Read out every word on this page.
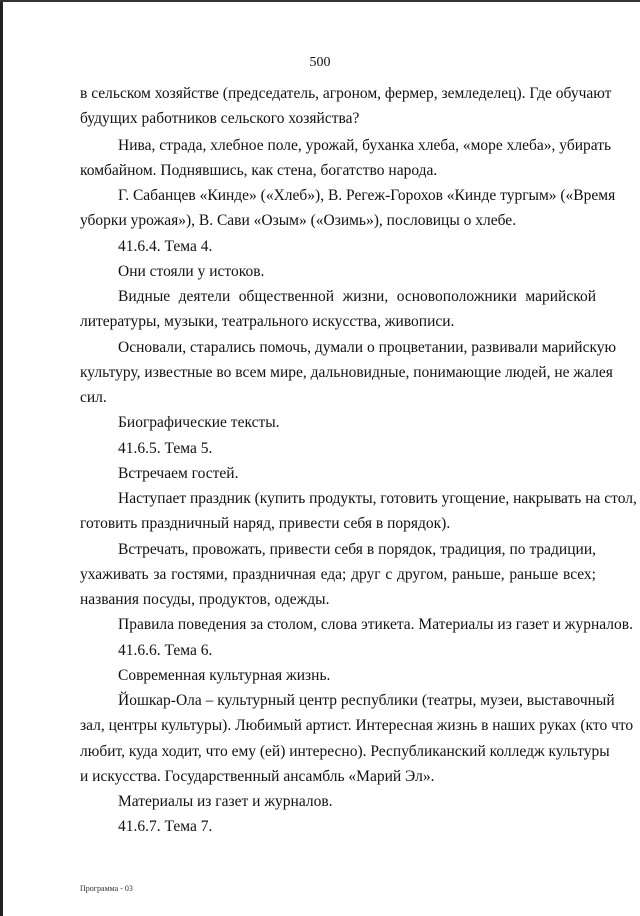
500
в сельском хозяйстве (председатель, агроном, фермер, земледелец). Где обучают
будущих работников сельского хозяйства?
Нива, страда, хлебное поле, урожай, буханка хлеба, «море хлеба», убирать
комбайном. Поднявшись, как стена, богатство народа.
Г. Сабанцев «Кинде» («Хлеб»), В. Регеж-Горохов «Кинде тургым» («Время
уборки урожая»), В. Сави «Озым» («Озимь»), пословицы о хлебе.
41.6.4. Тема 4.
Они стояли у истоков.
Видные деятели общественной жизни, основоположники марийской
литературы, музыки, театрального искусства, живописи.
Основали, старались помочь, думали о процветании, развивали марийскую
культуру, известные во всем мире, дальновидные, понимающие людей, не жалея
сил.
Биографические тексты.
41.6.5. Тема 5.
Встречаем гостей.
Наступает праздник (купить продукты, готовить угощение, накрывать на стол,
готовить праздничный наряд, привести себя в порядок).
Встречать, провожать, привести себя в порядок, традиция, по традиции,
ухаживать за гостями, праздничная еда; друг с другом, раньше, раньше всех;
названия посуды, продуктов, одежды.
Правила поведения за столом, слова этикета. Материалы из газет и журналов.
41.6.6. Тема 6.
Современная культурная жизнь.
Йошкар-Ола – культурный центр республики (театры, музеи, выставочный
зал, центры культуры). Любимый артист. Интересная жизнь в наших руках (кто что
любит, куда ходит, что ему (ей) интересно). Республиканский колледж культуры
и искусства. Государственный ансамбль «Марий Эл».
Материалы из газет и журналов.
41.6.7. Тема 7.
Программа - 03
